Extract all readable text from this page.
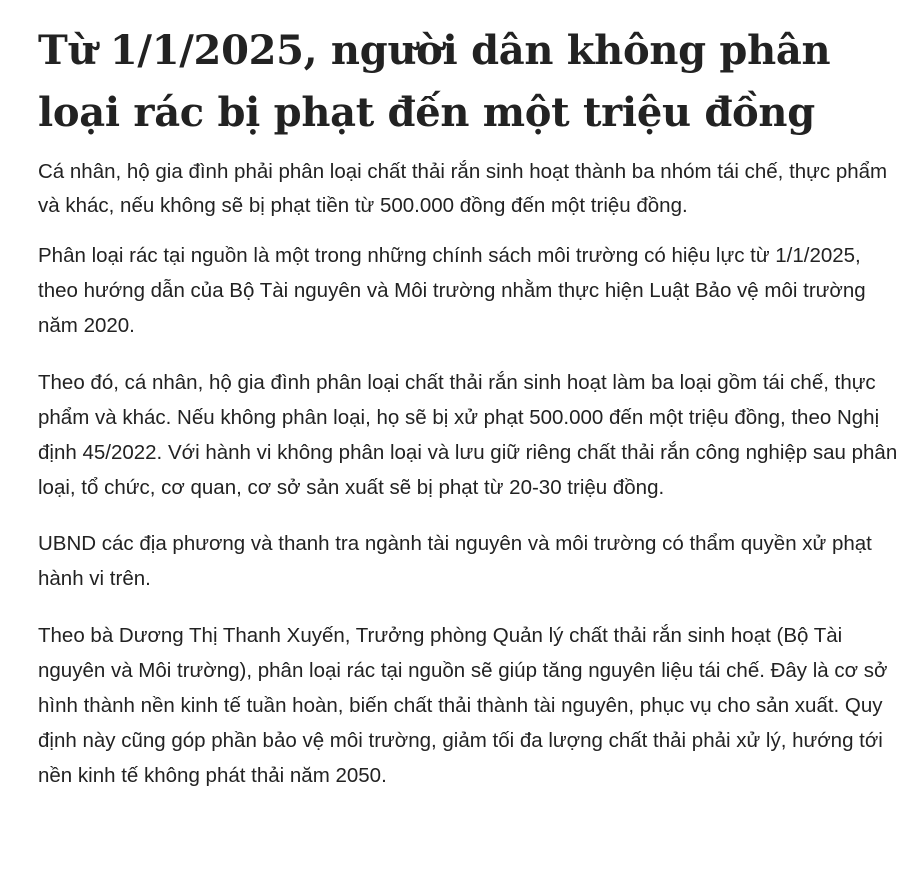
Từ 1/1/2025, người dân không phân loại rác bị phạt đến một triệu đồng

Cá nhân, hộ gia đình phải phân loại chất thải rắn sinh hoạt thành ba nhóm tái chế, thực phẩm và khác, nếu không sẽ bị phạt tiền từ 500.000 đồng đến một triệu đồng.

Phân loại rác tại nguồn là một trong những chính sách môi trường có hiệu lực từ 1/1/2025, theo hướng dẫn của Bộ Tài nguyên và Môi trường nhằm thực hiện Luật Bảo vệ môi trường năm 2020.

Theo đó, cá nhân, hộ gia đình phân loại chất thải rắn sinh hoạt làm ba loại gồm tái chế, thực phẩm và khác. Nếu không phân loại, họ sẽ bị xử phạt 500.000 đến một triệu đồng, theo Nghị định 45/2022. Với hành vi không phân loại và lưu giữ riêng chất thải rắn công nghiệp sau phân loại, tổ chức, cơ quan, cơ sở sản xuất sẽ bị phạt từ 20-30 triệu đồng.

UBND các địa phương và thanh tra ngành tài nguyên và môi trường có thẩm quyền xử phạt hành vi trên.

Theo bà Dương Thị Thanh Xuyến, Trưởng phòng Quản lý chất thải rắn sinh hoạt (Bộ Tài nguyên và Môi trường), phân loại rác tại nguồn sẽ giúp tăng nguyên liệu tái chế. Đây là cơ sở hình thành nền kinh tế tuần hoàn, biến chất thải thành tài nguyên, phục vụ cho sản xuất. Quy định này cũng góp phần bảo vệ môi trường, giảm tối đa lượng chất thải phải xử lý, hướng tới nền kinh tế không phát thải năm 2050.
